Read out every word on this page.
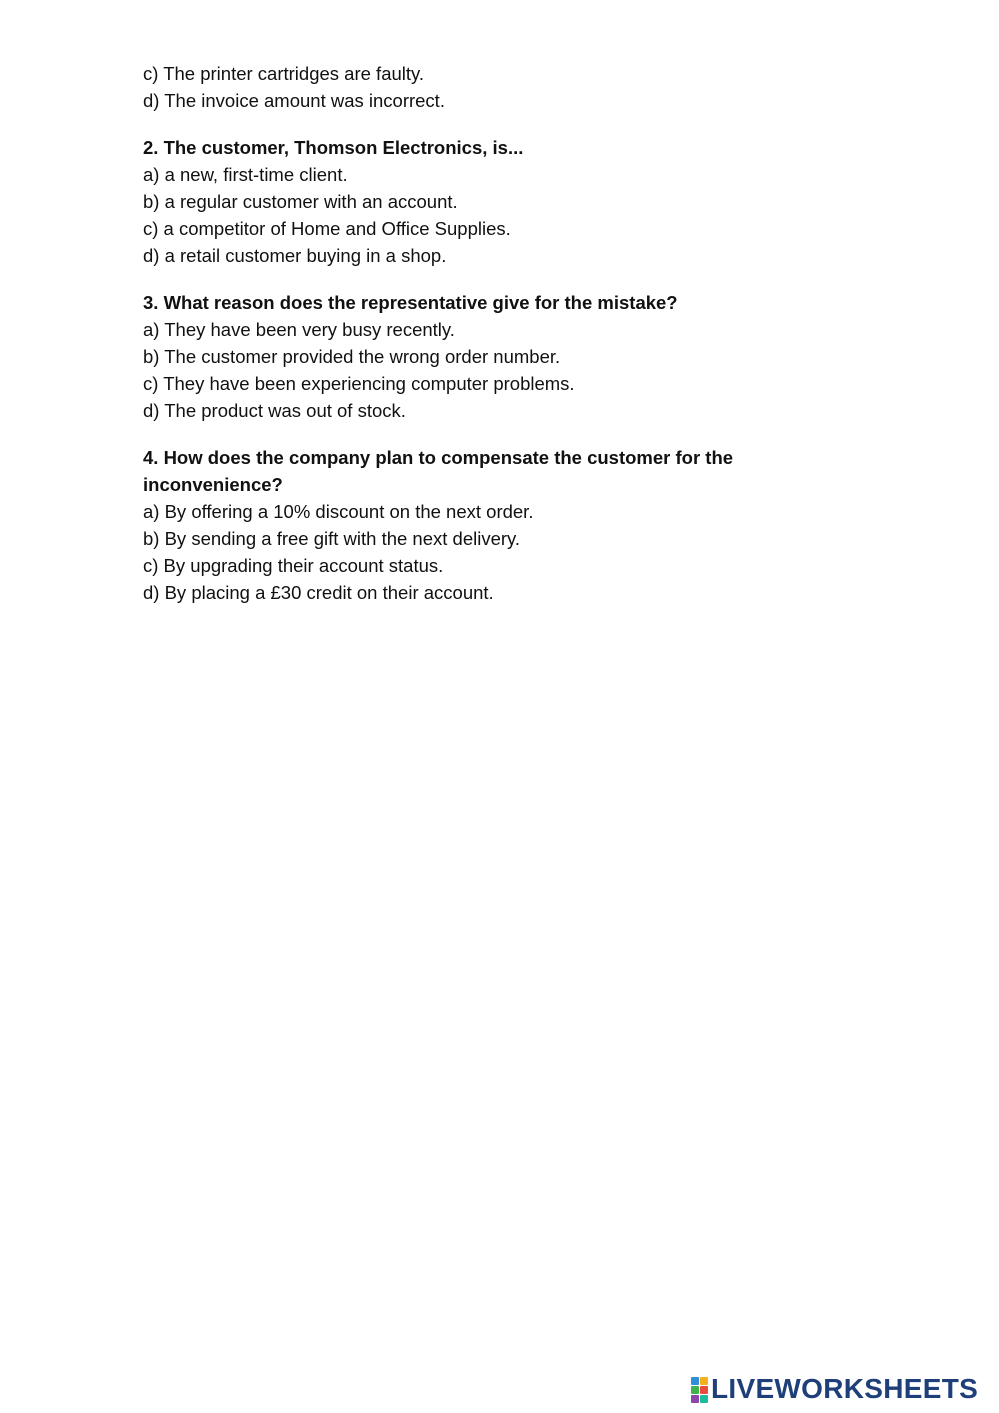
c) The printer cartridges are faulty.
d) The invoice amount was incorrect.
2. The customer, Thomson Electronics, is...
a) a new, first-time client.
b) a regular customer with an account.
c) a competitor of Home and Office Supplies.
d) a retail customer buying in a shop.
3. What reason does the representative give for the mistake?
a) They have been very busy recently.
b) The customer provided the wrong order number.
c) They have been experiencing computer problems.
d) The product was out of stock.
4. How does the company plan to compensate the customer for the inconvenience?
a) By offering a 10% discount on the next order.
b) By sending a free gift with the next delivery.
c) By upgrading their account status.
d) By placing a £30 credit on their account.
LIVEWORKSHEETS
